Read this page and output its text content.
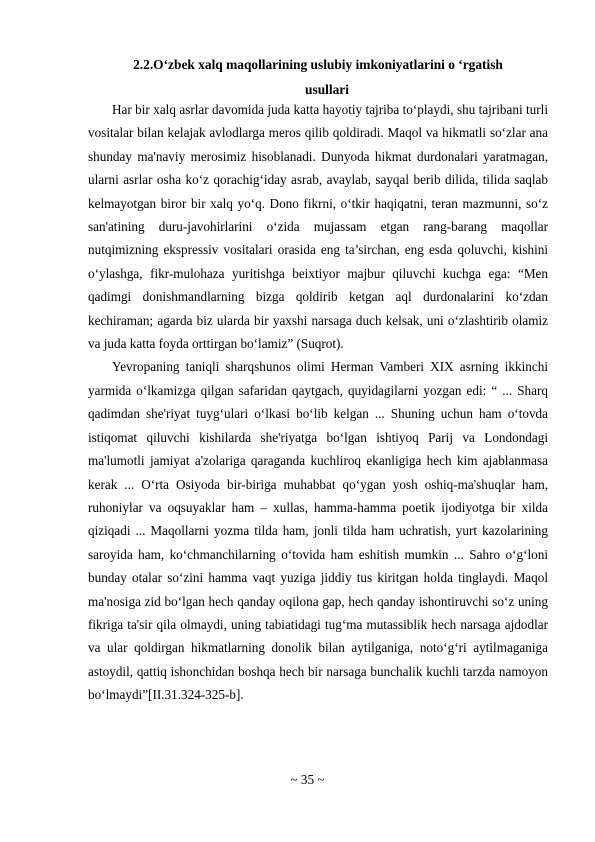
2.2.O‘zbek xalq maqollarining uslubiy imkoniyatlarini o ‘rgatish
usullari

Har bir xalq asrlar davomida juda katta hayotiy tajriba to‘playdi, shu tajribani turli vositalar bilan kelajak avlodlarga meros qilib qoldiradi. Maqol va hikmatli so‘zlar ana shunday ma'naviy merosimiz hisoblanadi. Dunyoda hikmat durdonalari yaratmagan, ularni asrlar osha ko‘z qorachig‘iday asrab, avaylab, sayqal berib dilida, tilida saqlab kelmayotgan biror bir xalq yo‘q. Dono fikrni, o‘tkir haqiqatni, teran mazmunni, so‘z san'atining duru-javohirlarini o‘zida mujassam etgan rang-barang maqollar nutqimizning ekspressiv vositalari orasida eng ta’sirchan, eng esda qoluvchi, kishini o‘ylashga, fikr-mulohaza yuritishga beixtiyor majbur qiluvchi kuchga ega: “Men qadimgi donishmandlarning bizga qoldirib ketgan aql durdonalarini ko‘zdan kechiraman; agarda biz ularda bir yaxshi narsaga duch kelsak, uni o‘zlashtirib olamiz va juda katta foyda orttirgan bo‘lamiz” (Suqrot).

Yevropaning taniqli sharqshunos olimi Herman Vamberi XIX asrning ikkinchi yarmida o‘lkamizga qilgan safaridan qaytgach, quyidagilarni yozgan edi: “ ... Sharq qadimdan she'riyat tuyg‘ulari o‘lkasi bo‘lib kelgan ... Shuning uchun ham o‘tovda istiqomat qiluvchi kishilarda she'riyatga bo‘lgan ishtiyoq Parij va Londondagi ma'lumotli jamiyat a'zolariga qaraganda kuchliroq ekanligiga hech kim ajablanmasa kerak ... O‘rta Osiyoda bir-biriga muhabbat qo‘ygan yosh oshiq-ma'shuqlar ham, ruhoniylar va oqsuyaklar ham – xullas, hamma-hamma poetik ijodiyotga bir xilda qiziqadi ... Maqollarni yozma tilda ham, jonli tilda ham uchratish, yurt kazolarining saroyida ham, ko‘chmanchilarning o‘tovida ham eshitish mumkin ... Sahro o‘g‘loni bunday otalar so‘zini hamma vaqt yuziga jiddiy tus kiritgan holda tinglaydi. Maqol ma'nosiga zid bo‘lgan hech qanday oqilona gap, hech qanday ishontiruvchi so‘z uning fikriga ta'sir qila olmaydi, uning tabiatidagi tug‘ma mutassiblik hech narsaga ajdodlar va ular qoldirgan hikmatlarning donolik bilan aytilganiga, noto‘g‘ri aytilmaganiga astoydil, qattiq ishonchidan boshqa hech bir narsaga bunchalik kuchli tarzda namoyon bo‘lmaydi”[II.31.324-325-b].

~ 35 ~
